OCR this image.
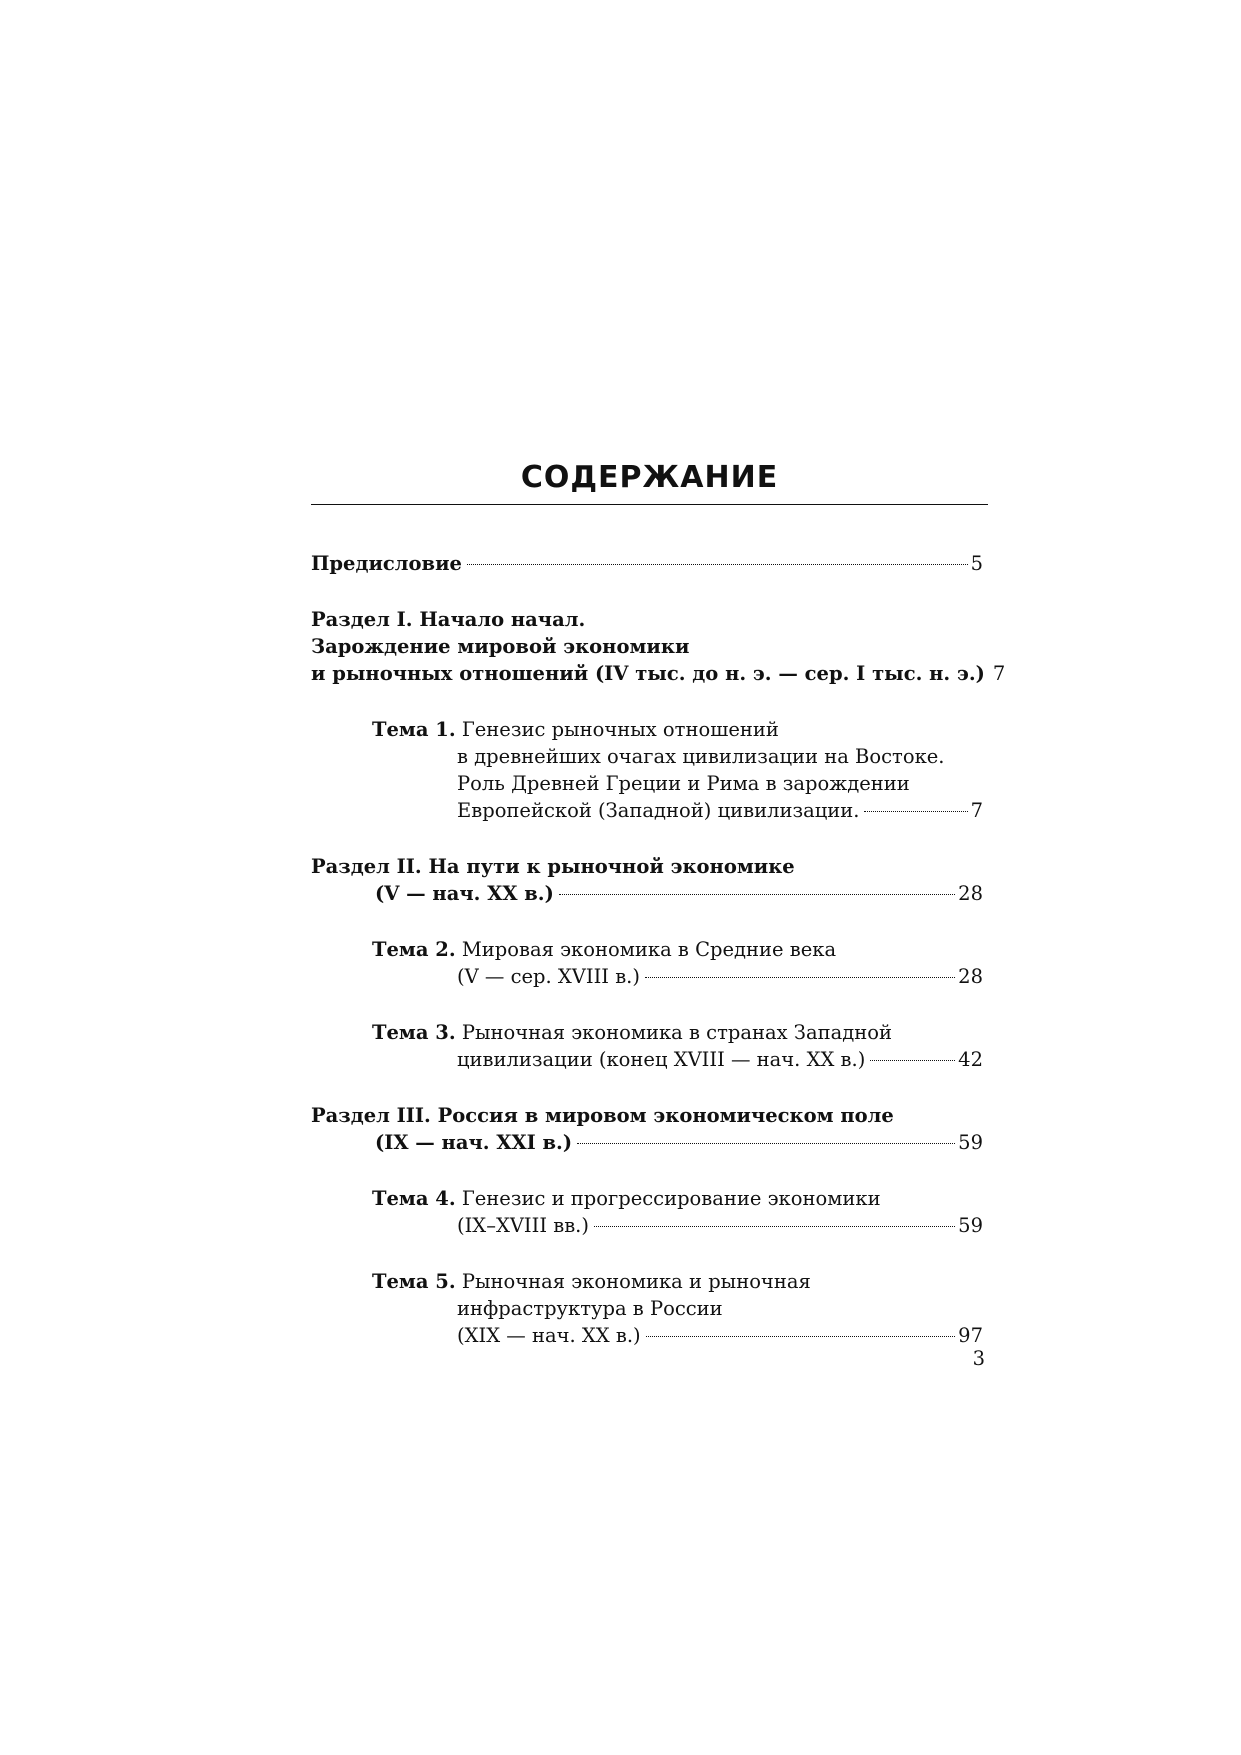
СОДЕРЖАНИЕ
Предисловие	5
Раздел I. Начало начал.
Зарождение мировой экономики
и рыночных отношений (IV тыс. до н. э. — сер. I тыс. н. э.) 7
Тема 1. Генезис рыночных отношений
в древнейших очагах цивилизации на Востоке.
Роль Древней Греции и Рима в зарождении
Европейской (Западной) цивилизации.	7
Раздел II. На пути к рыночной экономике
(V — нач. XX в.)	28
Тема 2. Мировая экономика в Средние века
(V — сер. XVIII в.)	28
Тема 3. Рыночная экономика в странах Западной
цивилизации (конец XVIII — нач. XX в.)	42
Раздел III. Россия в мировом экономическом поле
(IX — нач. XXI в.)	59
Тема 4. Генезис и прогрессирование экономики
(IX–XVIII вв.)	59
Тема 5. Рыночная экономика и рыночная
инфраструктура в России
(XIX — нач. XX в.)	97
3
